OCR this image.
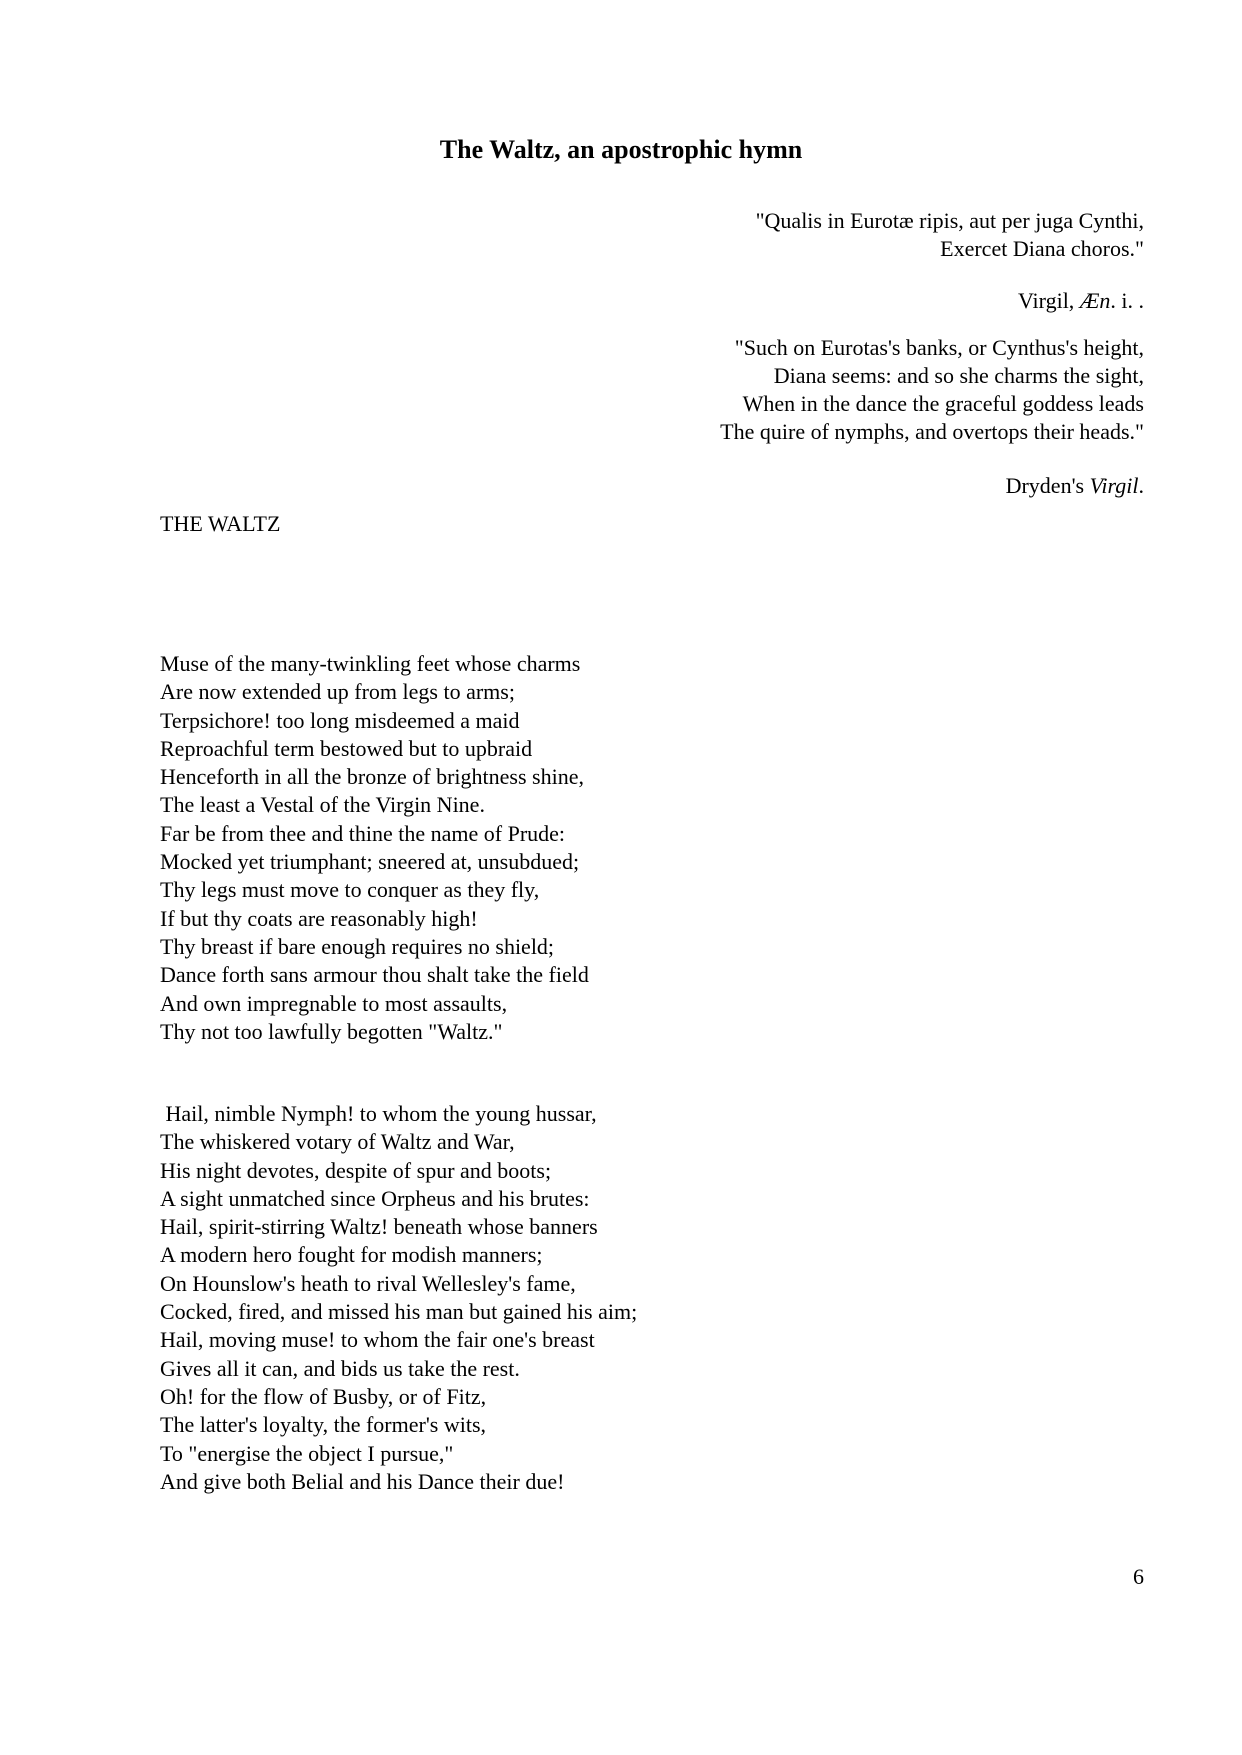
The Waltz, an apostrophic hymn
"Qualis in Eurotæ ripis, aut per juga Cynthi,
Exercet Diana choros."
Virgil, Æn. i. .
"Such on Eurotas's banks, or Cynthus's height,
Diana seems: and so she charms the sight,
When in the dance the graceful goddess leads
The quire of nymphs, and overtops their heads."
Dryden's Virgil.
THE WALTZ
Muse of the many-twinkling feet whose charms
Are now extended up from legs to arms;
Terpsichore! too long misdeemed a maid
Reproachful term bestowed but to upbraid
Henceforth in all the bronze of brightness shine,
The least a Vestal of the Virgin Nine.
Far be from thee and thine the name of Prude:
Mocked yet triumphant; sneered at, unsubdued;
Thy legs must move to conquer as they fly,
If but thy coats are reasonably high!
Thy breast if bare enough requires no shield;
Dance forth sans armour thou shalt take the field
And own impregnable to most assaults,
Thy not too lawfully begotten "Waltz."
Hail, nimble Nymph! to whom the young hussar,
The whiskered votary of Waltz and War,
His night devotes, despite of spur and boots;
A sight unmatched since Orpheus and his brutes:
Hail, spirit-stirring Waltz! beneath whose banners
A modern hero fought for modish manners;
On Hounslow's heath to rival Wellesley's fame,
Cocked, fired, and missed his man but gained his aim;
Hail, moving muse! to whom the fair one's breast
Gives all it can, and bids us take the rest.
Oh! for the flow of Busby, or of Fitz,
The latter's loyalty, the former's wits,
To "energise the object I pursue,"
And give both Belial and his Dance their due!
6
